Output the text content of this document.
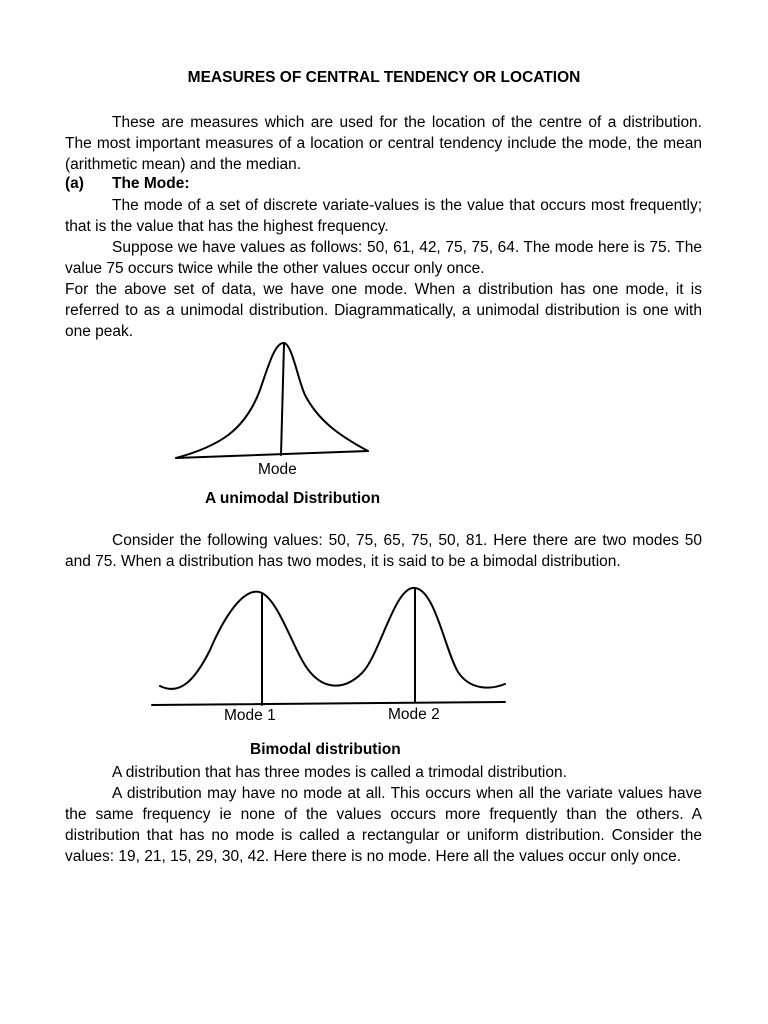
MEASURES OF CENTRAL TENDENCY OR LOCATION
These are measures which are used for the location of the centre of a distribution. The most important measures of a location or central tendency include the mode, the mean (arithmetic mean) and the median.
(a) The Mode:
The mode of a set of discrete variate-values is the value that occurs most frequently; that is the value that has the highest frequency.
Suppose we have values as follows: 50, 61, 42, 75, 75, 64. The mode here is 75. The value 75 occurs twice while the other values occur only once.
For the above set of data, we have one mode. When a distribution has one mode, it is referred to as a unimodal distribution. Diagrammatically, a unimodal distribution is one with one peak.
Mode
A unimodal Distribution
Consider the following values: 50, 75, 65, 75, 50, 81. Here there are two modes 50 and 75. When a distribution has two modes, it is said to be a bimodal distribution.
Mode 1	Mode 2
Bimodal distribution
A distribution that has three modes is called a trimodal distribution.
A distribution may have no mode at all. This occurs when all the variate values have the same frequency ie none of the values occurs more frequently than the others. A distribution that has no mode is called a rectangular or uniform distribution. Consider the values: 19, 21, 15, 29, 30, 42. Here there is no mode. Here all the values occur only once.
